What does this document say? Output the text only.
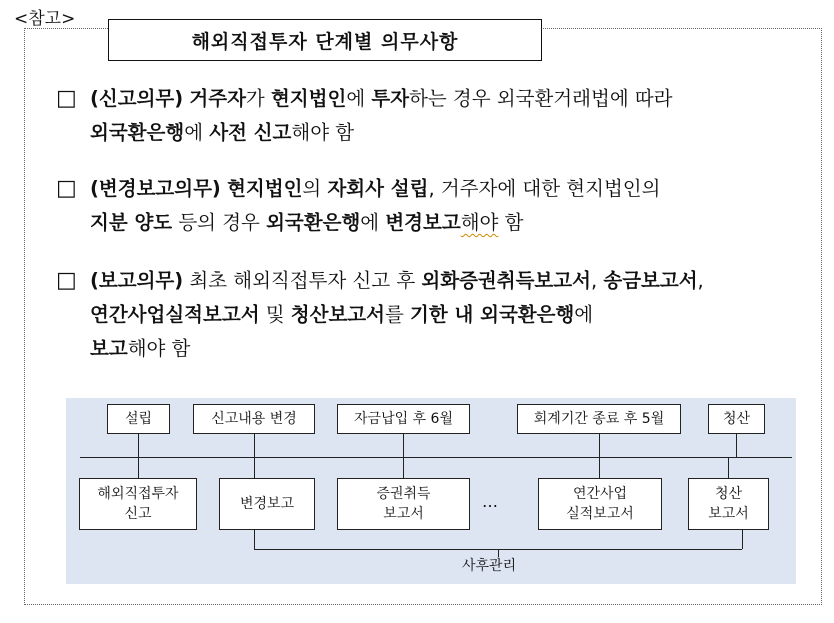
<참고>
해외직접투자 단계별 의무사항
□ (신고의무) 거주자가 현지법인에 투자하는 경우 외국환거래법에 따라
외국환은행에 사전 신고해야 함
□ (변경보고의무) 현지법인의 자회사 설립, 거주자에 대한 현지법인의
지분 양도 등의 경우 외국환은행에 변경보고해야 함
□ (보고의무) 최초 해외직접투자 신고 후 외화증권취득보고서, 송금보고서,
연간사업실적보고서 및 청산보고서를 기한 내 외국환은행에
보고해야 함
설립	신고내용 변경	자금납입 후 6월	회계기간 종료 후 5월	청산
해외직접투자
신고
변경보고
증권취득
보고서
연간사업
실적보고서
청산
보고서
…
사후관리
